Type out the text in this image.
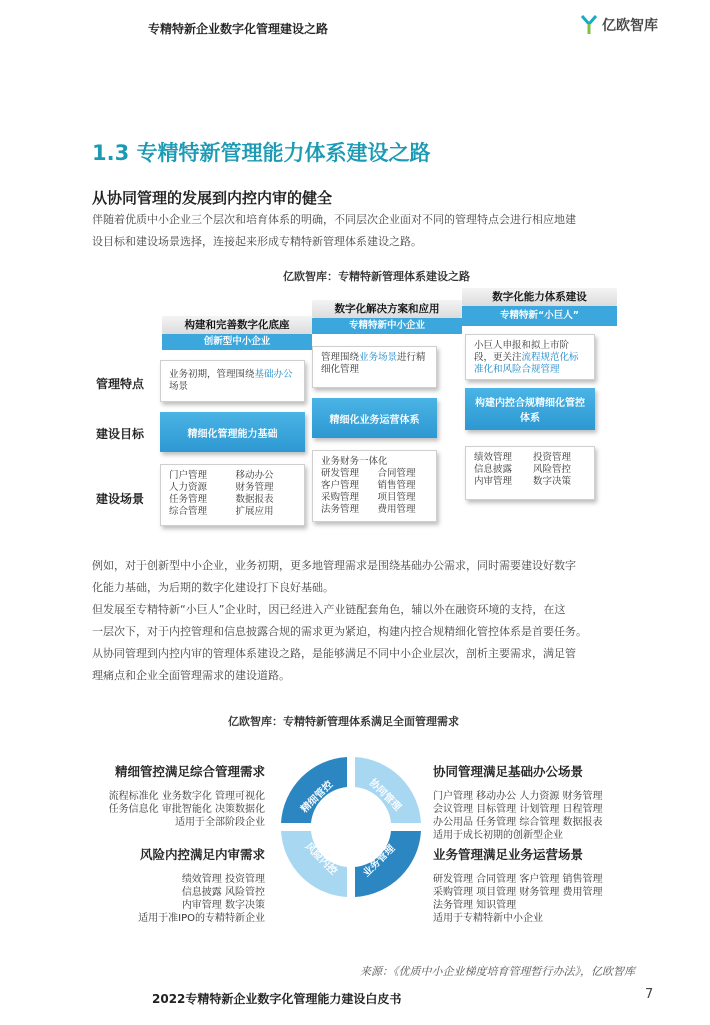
专精特新企业数字化管理建设之路	亿欧智库
1.3 专精特新管理能力体系建设之路
从协同管理的发展到内控内审的健全
伴随着优质中小企业三个层次和培育体系的明确，不同层次企业面对不同的管理特点会进行相应地建
设目标和建设场景选择，连接起来形成专精特新管理体系建设之路。
亿欧智库：专精特新管理体系建设之路
管理特点
建设目标
建设场景
构建和完善数字化底座
创新型中小企业
业务初期，管理围绕基础办公场景
精细化管理能力基础
门户管理	移动办公
人力资源	财务管理
任务管理	数据报表
综合管理	扩展应用
数字化解决方案和应用
专精特新中小企业
管理围绕业务场景进行精细化管理
精细化业务运营体系
业务财务一体化
研发管理	合同管理
客户管理	销售管理
采购管理	项目管理
法务管理	费用管理
数字化能力体系建设
专精特新“小巨人”
小巨人申报和拟上市阶段，更关注流程规范化标准化和风险合规管理
构建内控合规精细化管控体系
绩效管理	投资管理
信息披露	风险管控
内审管理	数字决策
例如，对于创新型中小企业，业务初期，更多地管理需求是围绕基础办公需求，同时需要建设好数字
化能力基础，为后期的数字化建设打下良好基础。
但发展至专精特新“小巨人”企业时，因已经进入产业链配套角色，辅以外在融资环境的支持，在这
一层次下，对于内控管理和信息披露合规的需求更为紧迫，构建内控合规精细化管控体系是首要任务。
从协同管理到内控内审的管理体系建设之路，是能够满足不同中小企业层次，剖析主要需求，满足管
理痛点和企业全面管理需求的建设道路。
亿欧智库：专精特新管理体系满足全面管理需求
协同管理
业务管理
风险内控
精细管控
精细管控满足综合管理需求
流程标准化 业务数字化 管理可视化
任务信息化 审批智能化 决策数据化
适用于全部阶段企业
风险内控满足内审需求
绩效管理 投资管理
信息披露 风险管控
内审管理 数字决策
适用于准IPO的专精特新企业
协同管理满足基础办公场景
门户管理 移动办公 人力资源 财务管理
会议管理 目标管理 计划管理 日程管理
办公用品 任务管理 综合管理 数据报表
适用于成长初期的创新型企业
业务管理满足业务运营场景
研发管理 合同管理 客户管理 销售管理
采购管理 项目管理 财务管理 费用管理
法务管理 知识管理
适用于专精特新中小企业
来源：《优质中小企业梯度培育管理暂行办法》，亿欧智库
2022专精特新企业数字化管理能力建设白皮书	7
